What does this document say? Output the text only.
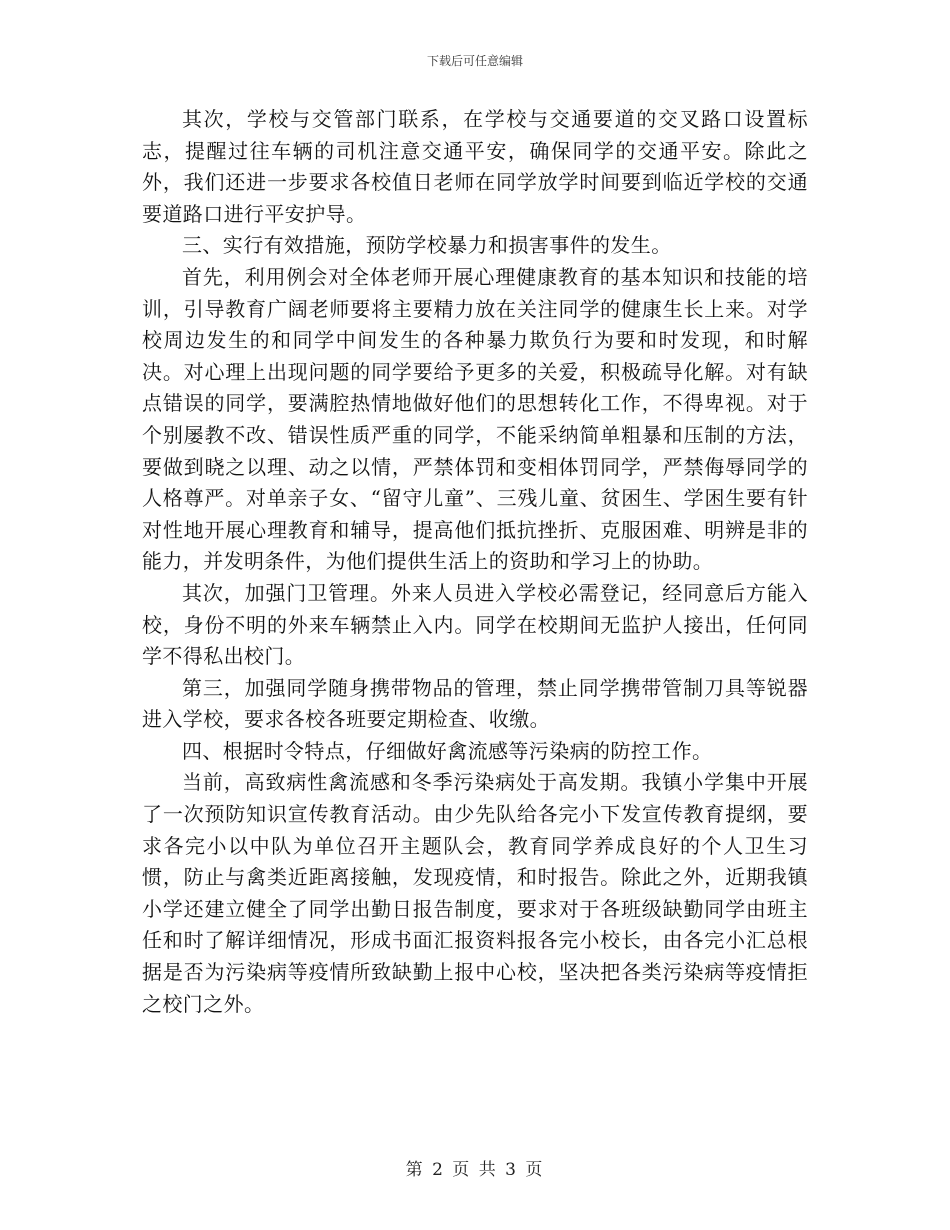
下载后可任意编辑

其次，学校与交管部门联系，在学校与交通要道的交叉路口设置标志，提醒过往车辆的司机注意交通平安，确保同学的交通平安。除此之外，我们还进一步要求各校值日老师在同学放学时间要到临近学校的交通要道路口进行平安护导。

三、实行有效措施，预防学校暴力和损害事件的发生。

首先，利用例会对全体老师开展心理健康教育的基本知识和技能的培训，引导教育广阔老师要将主要精力放在关注同学的健康生长上来。对学校周边发生的和同学中间发生的各种暴力欺负行为要和时发现，和时解决。对心理上出现问题的同学要给予更多的关爱，积极疏导化解。对有缺点错误的同学，要满腔热情地做好他们的思想转化工作，不得卑视。对于个别屡教不改、错误性质严重的同学，不能采纳简单粗暴和压制的方法，要做到晓之以理、动之以情，严禁体罚和变相体罚同学，严禁侮辱同学的人格尊严。对单亲子女、“留守儿童”、三残儿童、贫困生、学困生要有针对性地开展心理教育和辅导，提高他们抵抗挫折、克服困难、明辨是非的能力，并发明条件，为他们提供生活上的资助和学习上的协助。

其次，加强门卫管理。外来人员进入学校必需登记，经同意后方能入校，身份不明的外来车辆禁止入内。同学在校期间无监护人接出，任何同学不得私出校门。

第三，加强同学随身携带物品的管理，禁止同学携带管制刀具等锐器进入学校，要求各校各班要定期检查、收缴。

四、根据时令特点，仔细做好禽流感等污染病的防控工作。

当前，高致病性禽流感和冬季污染病处于高发期。我镇小学集中开展了一次预防知识宣传教育活动。由少先队给各完小下发宣传教育提纲，要求各完小以中队为单位召开主题队会，教育同学养成良好的个人卫生习惯，防止与禽类近距离接触，发现疫情，和时报告。除此之外，近期我镇小学还建立健全了同学出勤日报告制度，要求对于各班级缺勤同学由班主任和时了解详细情况，形成书面汇报资料报各完小校长，由各完小汇总根据是否为污染病等疫情所致缺勤上报中心校，坚决把各类污染病等疫情拒之校门之外。

第 2 页 共 3 页
